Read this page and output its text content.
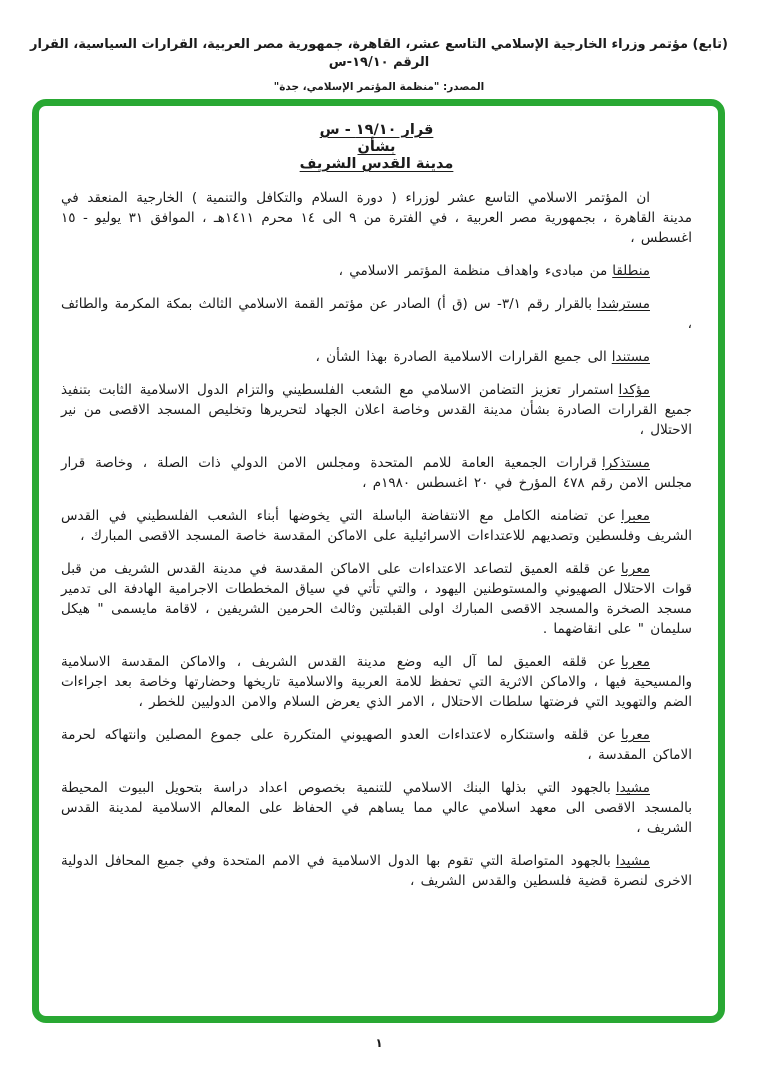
(تابع) مؤتمر وزراء الخارجية الإسلامي التاسع عشر، القاهرة، جمهورية مصر العربية، القرارات السياسية، القرار الرقم ١٩/١٠-س
المصدر: "منظمة المؤتمر الإسلامي، جدة"
قرار ١٩/١٠ - س
بشأن
مدينة القدس الشريف

ان المؤتمر الاسلامي التاسع عشر لوزراء ( دورة السلام والتكافل والتنمية ) الخارجية المنعقد في مدينة القاهرة ، بجمهورية مصر العربية ، في الفترة من ٩ الى ١٤ محرم ١٤١١هـ ، الموافق ٣١ يوليو - ١٥ اغسطس ،

منطلقامن مبادىء واهداف منظمة المؤتمر الاسلامي ،

مسترشدابالقرار رقم ٣/١- س (ق أ) الصادر عن مؤتمر القمة الاسلامي الثالث بمكة المكرمة والطائف ،

مستنداالى جميع القرارات الاسلامية الصادرة بهذا الشأن ،

مؤكدااستمرار تعزيز التضامن الاسلامي مع الشعب الفلسطيني والتزام الدول الاسلامية الثابت بتنفيذ جميع القرارات الصادرة بشأن مدينة القدس وخاصة اعلان الجهاد لتحريرها وتخليص المسجد الاقصى من نير الاحتلال ،

مستذكراقرارات الجمعية العامة للامم المتحدة ومجلس الامن الدولي ذات الصلة ، وخاصة قرار مجلس الامن رقم ٤٧٨ المؤرخ في ٢٠ اغسطس ١٩٨٠م ،

معبراعن تضامنه الكامل مع الانتفاضة الباسلة التي يخوضها أبناء الشعب الفلسطيني في القدس الشريف وفلسطين وتصديهم للاعتداءات الاسرائيلية على الاماكن المقدسة خاصة المسجد الاقصى المبارك ،

معرباعن قلقه العميق لتصاعد الاعتداءات على الاماكن المقدسة في مدينة القدس الشريف من قبل قوات الاحتلال الصهيوني والمستوطنين اليهود ، والتي تأتي في سياق المخططات الاجرامية الهادفة الى تدمير مسجد الصخرة والمسجد الاقصى المبارك اولى القبلتين وثالث الحرمين الشريفين ، لاقامة مايسمى " هيكل سليمان " على انقاضهما .

معرباعن قلقه العميق لما آل اليه وضع مدينة القدس الشريف ، والاماكن المقدسة الاسلامية والمسيحية فيها ، والاماكن الاثرية التي تحفظ للامة العربية والاسلامية تاريخها وحضارتها وخاصة بعد اجراءات الضم والتهويد التي فرضتها سلطات الاحتلال ، الامر الذي يعرض السلام والامن الدوليين للخطر ،

معرباعن قلقه واستنكاره لاعتداءات العدو الصهيوني المتكررة على جموع المصلين وانتهاكه لحرمة الاماكن المقدسة ،

مشيدابالجهود التي بذلها البنك الاسلامي للتنمية بخصوص اعداد دراسة بتحويل البيوت المحيطة بالمسجد الاقصى الى معهد اسلامي عالي مما يساهم في الحفاظ على المعالم الاسلامية لمدينة القدس الشريف ،

مشيدابالجهود المتواصلة التي تقوم بها الدول الاسلامية في الامم المتحدة وفي جميع المحافل الدولية الاخرى لنصرة قضية فلسطين والقدس الشريف ،

١
